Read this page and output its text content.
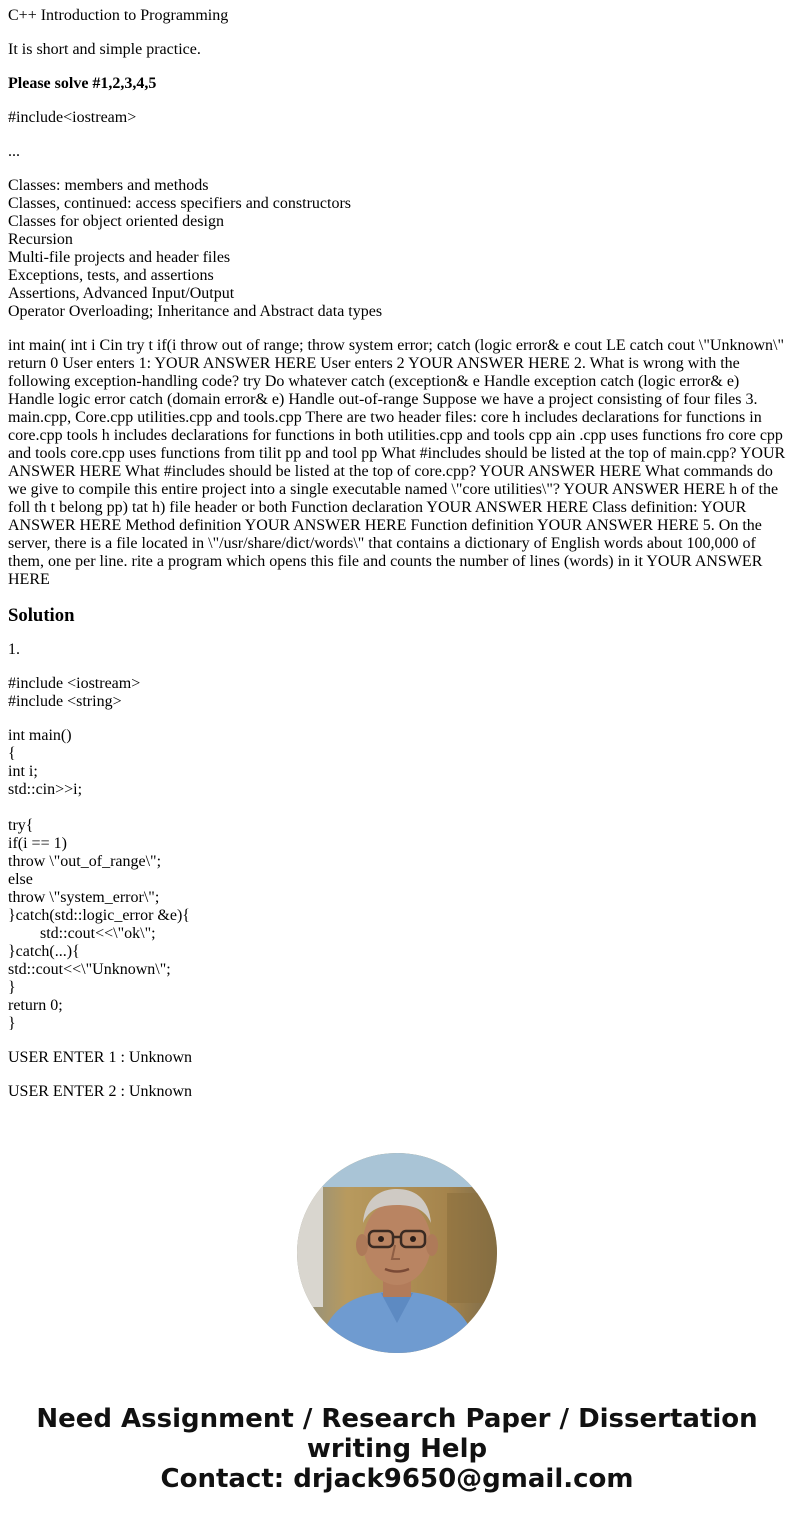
C++ Introduction to Programming
It is short and simple practice.
Please solve #1,2,3,4,5
#include<iostream>
...
Classes: members and methods
Classes, continued: access specifiers and constructors
Classes for object oriented design
Recursion
Multi-file projects and header files
Exceptions, tests, and assertions
Assertions, Advanced Input/Output
Operator Overloading; Inheritance and Abstract data types
int main( int i Cin try t if(i throw out of range; throw system error; catch (logic error& e cout LE catch cout \"Unknown\" return 0 User enters 1: YOUR ANSWER HERE User enters 2 YOUR ANSWER HERE 2. What is wrong with the following exception-handling code? try Do whatever catch (exception& e Handle exception catch (logic error& e) Handle logic error catch (domain error& e) Handle out-of-range Suppose we have a project consisting of four files 3. main.cpp, Core.cpp utilities.cpp and tools.cpp There are two header files: core h includes declarations for functions in core.cpp tools h includes declarations for functions in both utilities.cpp and tools cpp ain .cpp uses functions fro core cpp and tools core.cpp uses functions from tilit pp and tool pp What #includes should be listed at the top of main.cpp? YOUR ANSWER HERE What #includes should be listed at the top of core.cpp? YOUR ANSWER HERE What commands do we give to compile this entire project into a single executable named \"core utilities\"? YOUR ANSWER HERE h of the foll th t belong pp) tat h) file header or both Function declaration YOUR ANSWER HERE Class definition: YOUR ANSWER HERE Method definition YOUR ANSWER HERE Function definition YOUR ANSWER HERE 5. On the server, there is a file located in \"/usr/share/dict/words\" that contains a dictionary of English words about 100,000 of them, one per line. rite a program which opens this file and counts the number of lines (words) in it YOUR ANSWER HERE
Solution
1.
#include <iostream>
#include <string>
int main()
{
int i;
std::cin>>i;
try{
if(i == 1)
throw \"out_of_range\";
else
throw \"system_error\";
}catch(std::logic_error &e){
std::cout<<\"ok\";
}catch(...){
std::cout<<\"Unknown\";
}
return 0;
}
USER ENTER 1 : Unknown
USER ENTER 2 : Unknown
Need Assignment / Research Paper / Dissertation
writing Help
Contact: drjack9650@gmail.com
